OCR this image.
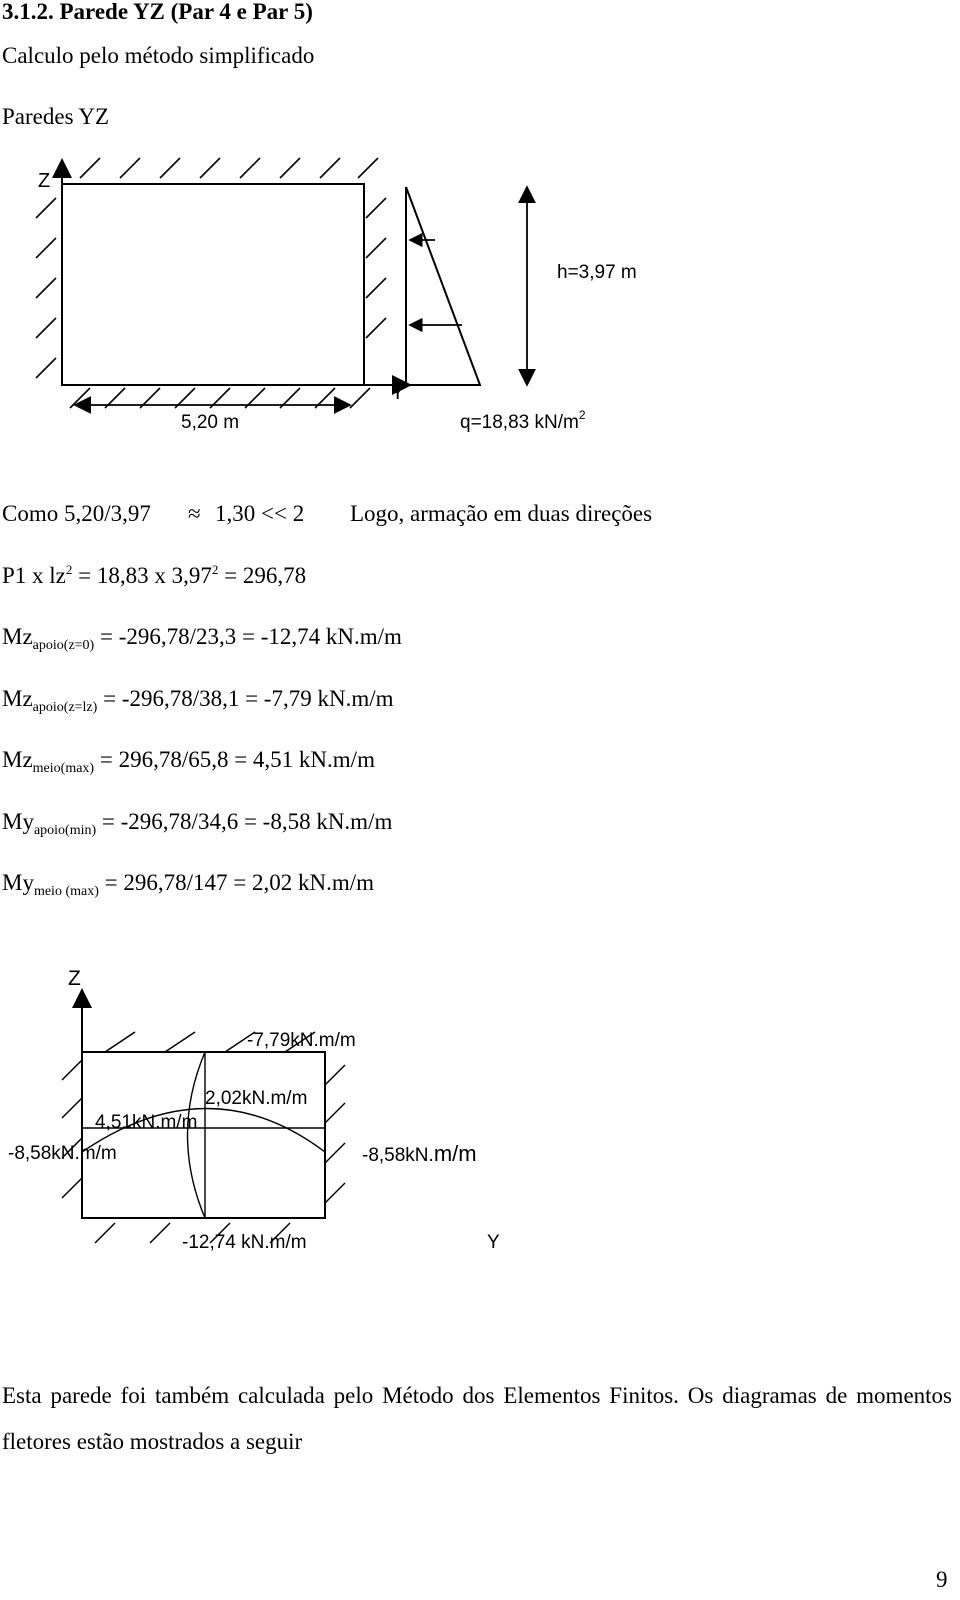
3.1.2. Parede YZ (Par 4 e Par 5)
Calculo pelo método simplificado
Paredes YZ
Z
Y
5,20 m
h=3,97 m
q=18,83 $kN/m^2$
Como 5,20/3,97 ≈ 1,30 << 2 Logo, armação em duas direções
P1 x $lz^2 = 18,83$ x $3,97^2 = 296,78$
$Mz_{apoio(z=0)} = -296,78/23,3 = -12,74$ kN.m/m
$Mz_{apoio(z=lz)} = -296,78/38,1 = -7,79$ kN.m/m
$Mz_{meio(max)} = 296,78/65,8 = 4,51$ kN.m/m
$My_{apoio(min)} = -296,78/34,6 = -8,58$ kN.m/m
$My_{meio (max)} = 296,78/147 = 2,02$ kN.m/m
Z
-7,79kN.m/m
2,02kN.m/m
4,51kN.m/m
-8,58kN.m/m	-8,58kN.m/m
-12,74 kN.m/m	Y
Esta parede foi também calculada pelo Método dos Elementos Finitos. Os diagramas de momentos fletores estão mostrados a seguir
9
